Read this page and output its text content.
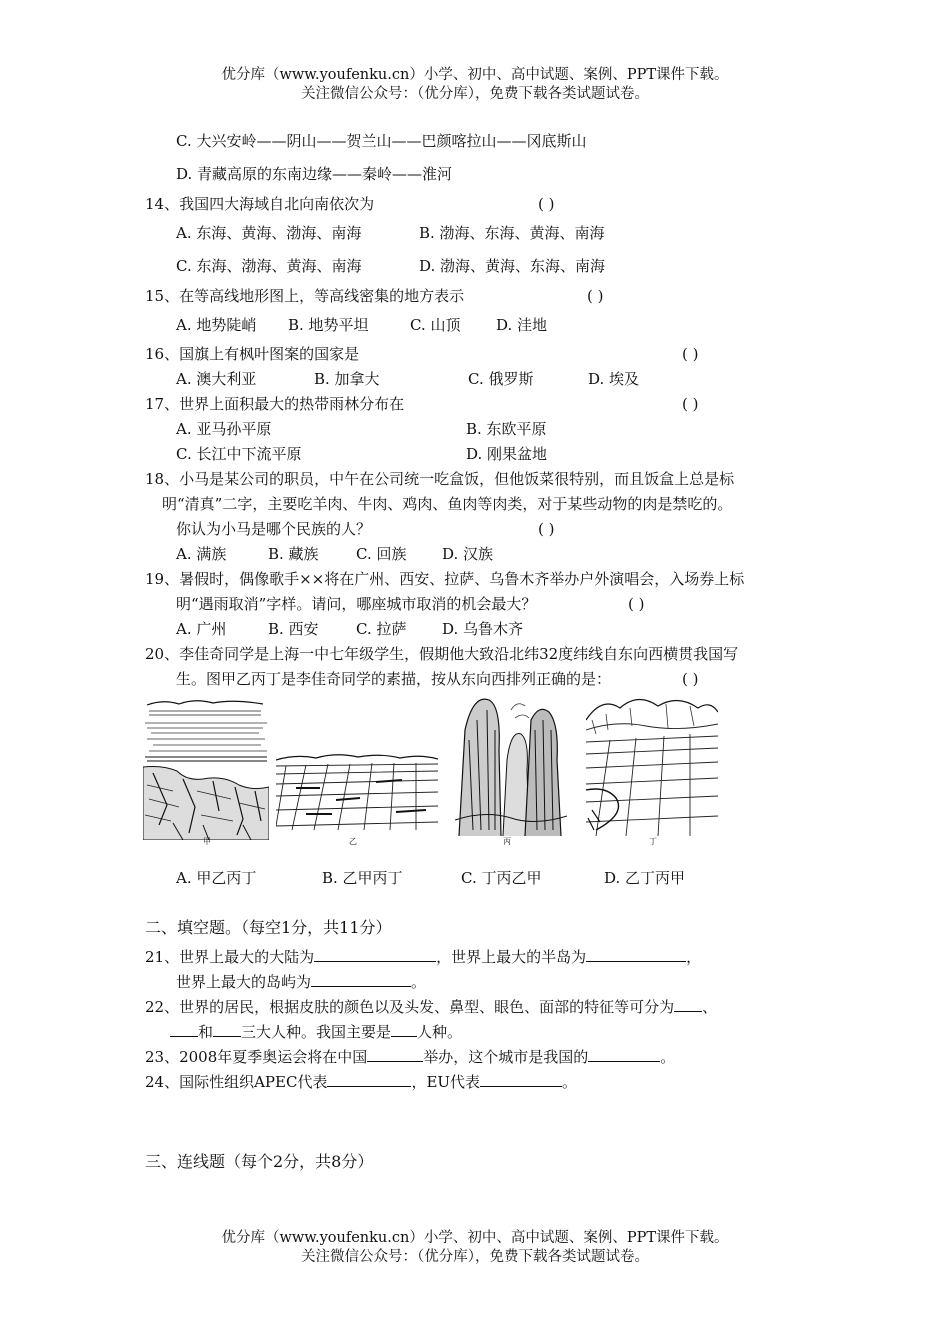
优分库（www.youfenku.cn）小学、初中、高中试题、案例、PPT课件下载。
关注微信公众号：（优分库），免费下载各类试题试卷。
C. 大兴安岭——阴山——贺兰山——巴颜喀拉山——冈底斯山
D. 青藏高原的东南边缘——秦岭——淮河
14、我国四大海域自北向南依次为	( )
A. 东海、黄海、渤海、南海	B. 渤海、东海、黄海、南海
C. 东海、渤海、黄海、南海	D. 渤海、黄海、东海、南海
15、在等高线地形图上，等高线密集的地方表示	( )
A. 地势陡峭 B. 地势平坦	C. 山顶 D. 洼地
16、国旗上有枫叶图案的国家是	( )
A. 澳大利亚	B. 加拿大	C. 俄罗斯	D. 埃及
17、世界上面积最大的热带雨林分布在	( )
A. 亚马孙平原	B. 东欧平原
C. 长江中下流平原	D. 刚果盆地
18、小马是某公司的职员，中午在公司统一吃盒饭，但他饭菜很特别，而且饭盒上总是标
明“清真”二字，主要吃羊肉、牛肉、鸡肉、鱼肉等肉类，对于某些动物的肉是禁吃的。
你认为小马是哪个民族的人？	( )
A. 满族	B. 藏族 C. 回族 D. 汉族
19、暑假时，偶像歌手××将在广州、西安、拉萨、乌鲁木齐举办户外演唱会，入场券上标
明“遇雨取消”字样。请问，哪座城市取消的机会最大？	( )
A. 广州	B. 西安 C. 拉萨 D. 乌鲁木齐
20、李佳奇同学是上海一中七年级学生，假期他大致沿北纬32度纬线自东向西横贯我国写
生。图甲乙丙丁是李佳奇同学的素描，按从东向西排列正确的是：	( )
甲	乙	丙	丁
A. 甲乙丙丁	B. 乙甲丙丁	C. 丁丙乙甲	D. 乙丁丙甲
二、填空题。（每空1分，共11分）
21、世界上最大的大陆为	，世界上最大的半岛为	，
世界上最大的岛屿为	。
22、世界的居民，根据皮肤的颜色以及头发、鼻型、眼色、面部的特征等可分为 、
和 三大人种。我国主要是 人种。
23、2008年夏季奥运会将在中国	举办，这个城市是我国的	。
24、国际性组织APEC代表	，EU代表	。
三、连线题（每个2分，共8分）
优分库（www.youfenku.cn）小学、初中、高中试题、案例、PPT课件下载。
关注微信公众号：（优分库），免费下载各类试题试卷。
